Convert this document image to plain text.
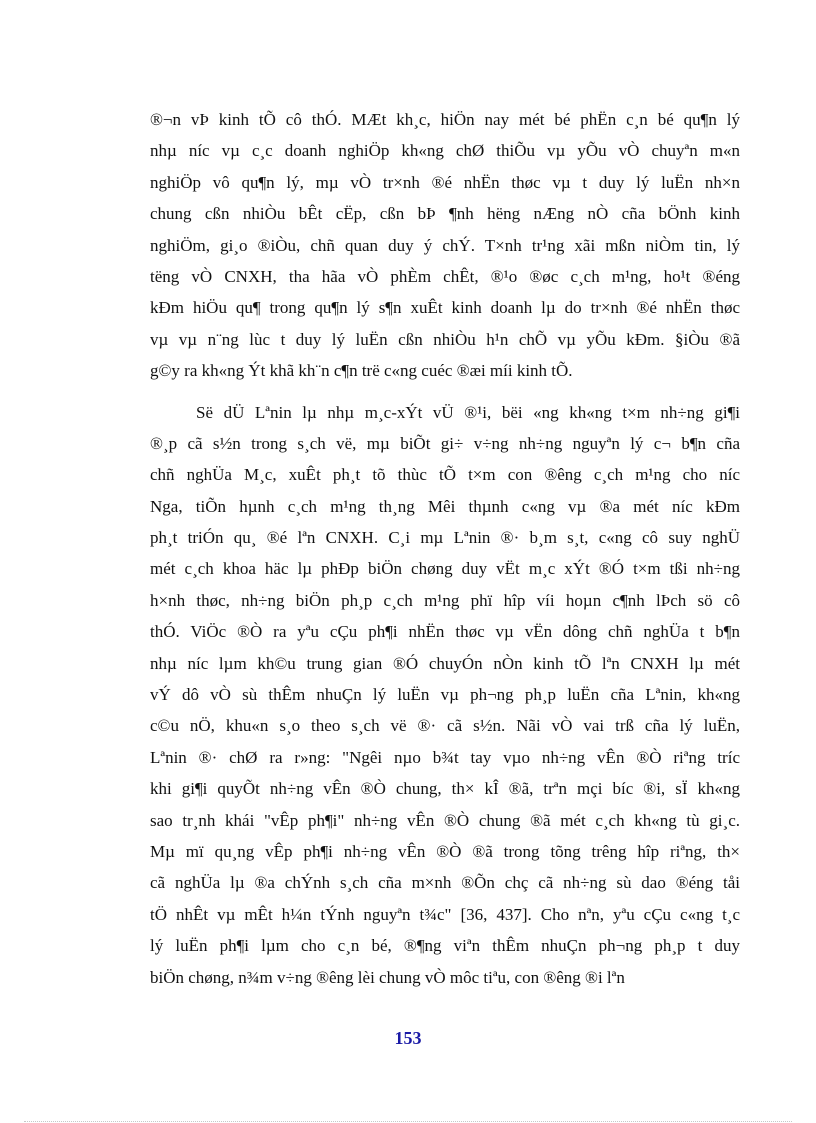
®¬n vÞ kinh tÕ cô thÓ. MÆt kh¸c, hiÖn nay mét bé phËn c¸n bé qu¶n lý
nhµ níc vµ c¸c doanh nghiÖp kh«ng chØ thiÕu vµ yÕu vÒ chuyªn m«n
nghiÖp vô qu¶n lý, mµ vÒ tr×nh ®é nhËn thøc vµ t duy lý luËn nh×n
chung cßn nhiÒu bÊt cËp, cßn bÞ ¶nh hëng nÆng nÒ cña bÖnh kinh
nghiÖm, gi¸o ®iÒu, chñ quan duy ý chÝ. T×nh tr¹ng xãi mßn niÒm tin, lý
tëng vÒ CNXH, tha hãa vÒ phÈm chÊt, ®¹o ®øc c¸ch m¹ng, ho¹t ®éng
kÐm hiÖu qu¶ trong qu¶n lý s¶n xuÊt kinh doanh lµ do tr×nh ®é nhËn thøc
vµ vµ n¨ng lùc t duy lý luËn cßn nhiÒu h¹n chÕ vµ yÕu kÐm. §iÒu ®ã
g©y ra kh«ng Ýt khã kh¨n c¶n trë c«ng cuéc ®æi míi kinh tÕ.
Së dÜ Lªnin lµ nhµ m¸c-xÝt vÜ ®¹i, bëi «ng kh«ng t×m nh÷ng gi¶i
®¸p cã s½n trong s¸ch vë, mµ biÕt gi÷ v÷ng nh÷ng nguyªn lý c¬ b¶n cña
chñ nghÜa M¸c, xuÊt ph¸t tõ thùc tÕ t×m con ®êng c¸ch m¹ng cho níc
Nga, tiÕn hµnh c¸ch m¹ng th¸ng Mêi thµnh c«ng vµ ®a mét níc kÐm
ph¸t triÓn qu¸ ®é lªn CNXH. C¸i mµ Lªnin ®· b¸m s¸t, c«ng cô suy nghÜ
mét c¸ch khoa häc lµ phÐp biÖn chøng duy vËt m¸c xÝt ®Ó t×m tßi nh÷ng
h×nh thøc, nh÷ng biÖn ph¸p c¸ch m¹ng phï hîp víi hoµn c¶nh lÞch sö cô
thÓ. ViÖc ®Ò ra yªu cÇu ph¶i nhËn thøc vµ vËn dông chñ nghÜa t b¶n
nhµ níc lµm kh©u trung gian ®Ó chuyÓn nÒn kinh tÕ lªn CNXH lµ mét
vÝ dô vÒ sù thÊm nhuÇn lý luËn vµ ph¬ng ph¸p luËn cña Lªnin, kh«ng
c©u nÖ, khu«n s¸o theo s¸ch vë ®· cã s½n. Nãi vÒ vai trß cña lý luËn,
Lªnin ®· chØ ra r»ng: "Ngêi nµo b¾t tay vµo nh÷ng vÊn ®Ò riªng tríc
khi gi¶i quyÕt nh÷ng vÊn ®Ò chung, th× kÎ ®ã, trªn mçi bíc ®i, sÏ kh«ng
sao tr¸nh khái "vÊp ph¶i" nh÷ng vÊn ®Ò chung ®ã mét c¸ch kh«ng tù gi¸c.
Mµ mï qu¸ng vÊp ph¶i nh÷ng vÊn ®Ò ®ã trong tõng trêng hîp riªng, th×
cã nghÜa lµ ®a chÝnh s¸ch cña m×nh ®Õn chç cã nh÷ng sù dao ®éng tåi
tÖ nhÊt vµ mÊt h¼n tÝnh nguyªn t¾c" [36, 437]. Cho nªn, yªu cÇu c«ng t¸c
lý luËn ph¶i lµm cho c¸n bé, ®¶ng viªn thÊm nhuÇn ph¬ng ph¸p t duy
biÖn chøng, n¾m v÷ng ®êng lèi chung vÒ môc tiªu, con ®êng ®i lªn
153
